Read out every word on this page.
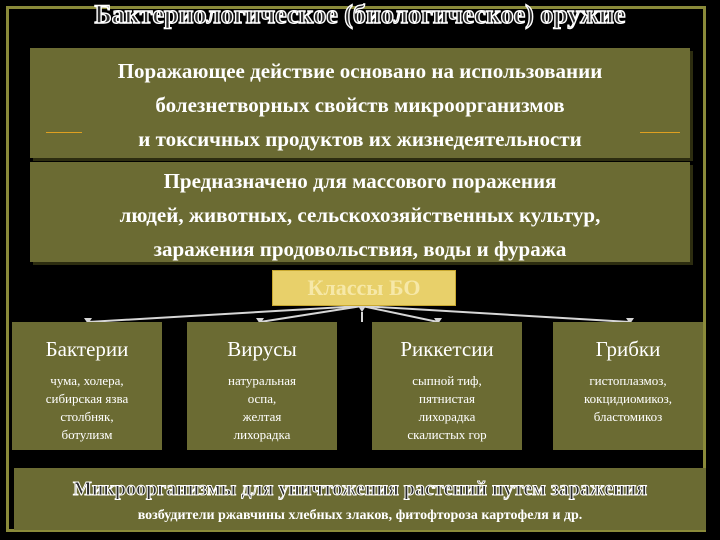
Бактериологическое (биологическое) оружие
Поражающее действие основано на использовании
болезнетворных свойств микроорганизмов
и токсичных продуктов их жизнедеятельности
Предназначено для массового поражения
людей, животных, сельскохозяйственных культур,
заражения продовольствия, воды и фуража
Классы БО
Бактерии
чума, холера,
сибирская язва
столбняк,
ботулизм
Вирусы
натуральная
оспа,
желтая
лихорадка
Риккетсии
сыпной тиф,
пятнистая
лихорадка
скалистых гор
Грибки
гистоплазмоз,
кокцидиомикоз,
бластомикоз
Микроорганизмы для уничтожения растений путем заражения
возбудители ржавчины хлебных злаков, фитофтороза картофеля и др.
